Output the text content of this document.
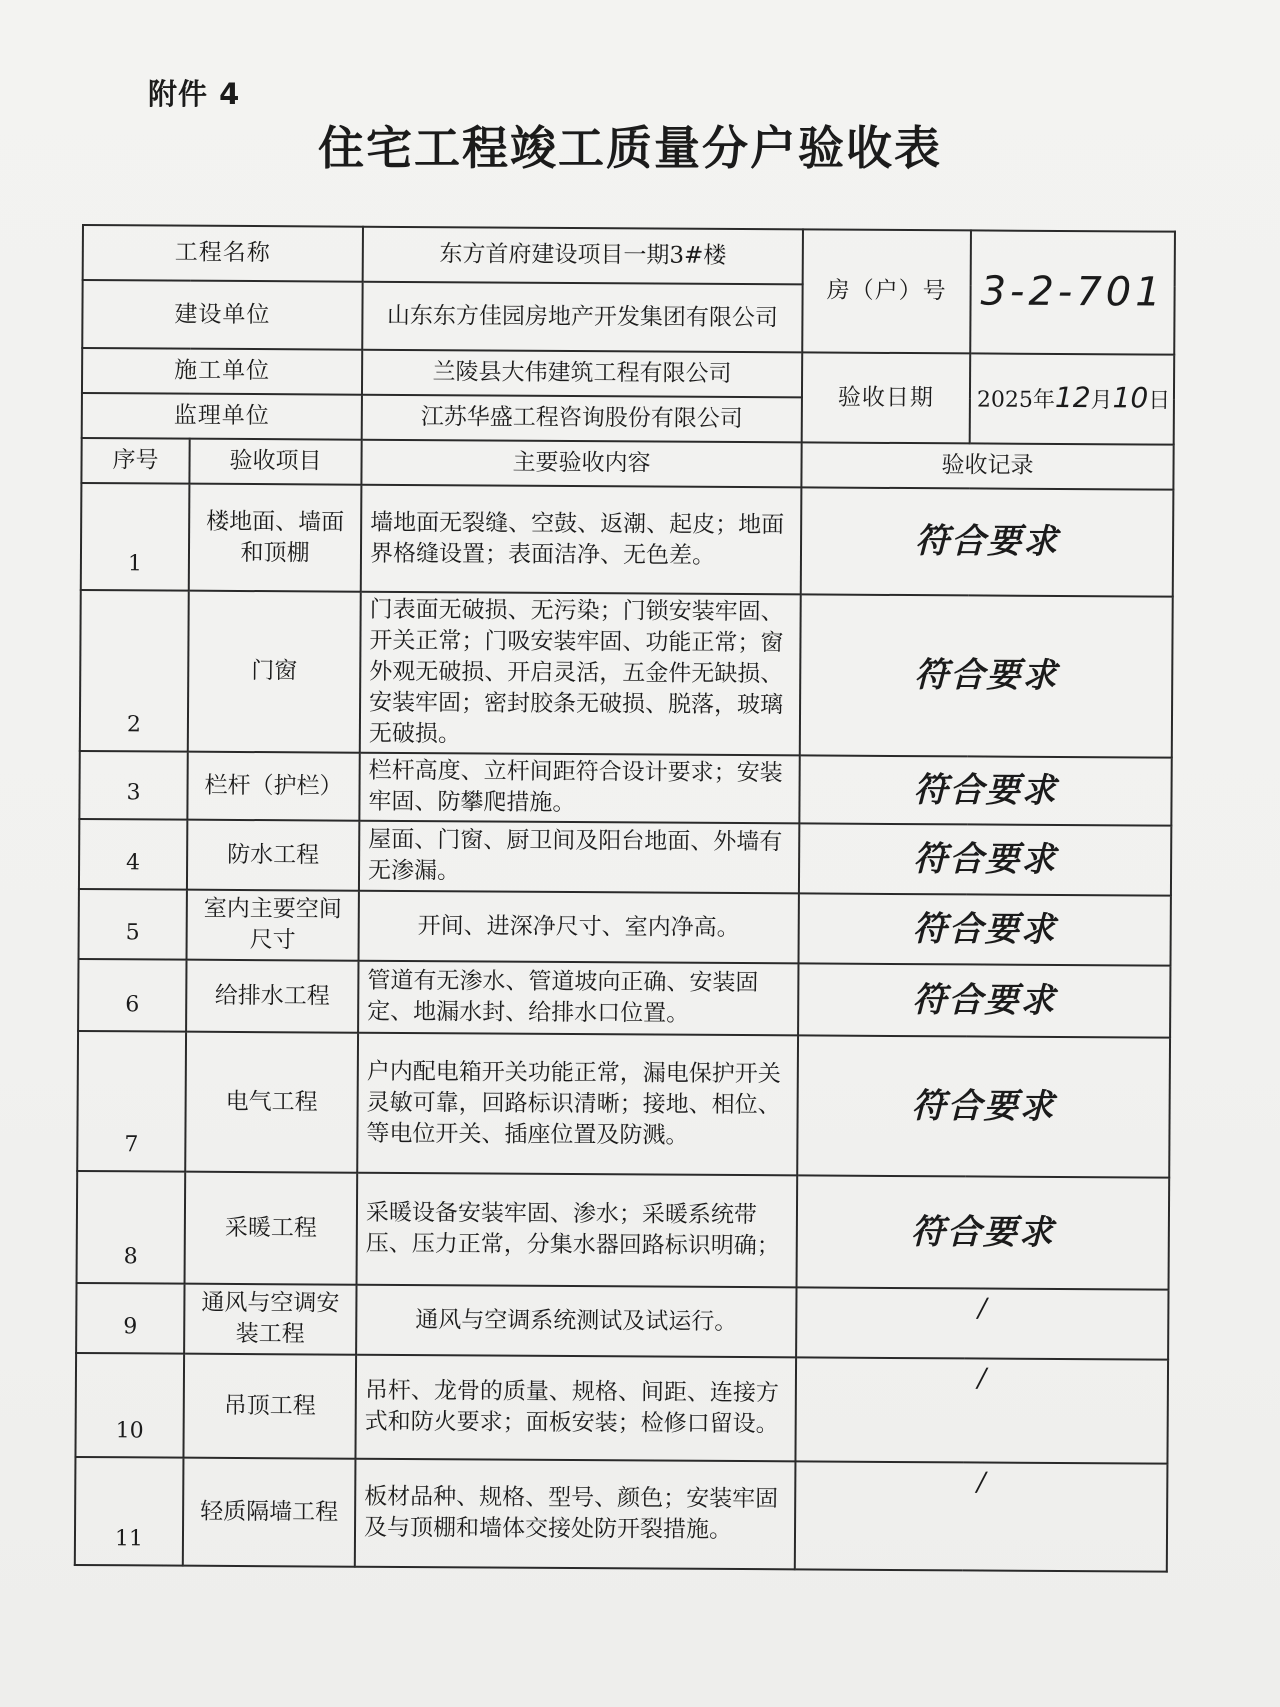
附件 4
住宅工程竣工质量分户验收表
工程名称		东方首府建设项目一期3#楼	房（户）号	3-2-701
建设单位		山东东方佳园房地产开发集团有限公司		
施工单位		兰陵县大伟建筑工程有限公司	验收日期	2025年12月10日
监理单位		江苏华盛工程咨询股份有限公司		
序号	验收项目	主要验收内容	验收记录	
1	楼地面、墙面和顶棚	墙地面无裂缝、空鼓、返潮、起皮；地面界格缝设置；表面洁净、无色差。	符合要求	
2	门窗	门表面无破损、无污染；门锁安装牢固、开关正常；门吸安装牢固、功能正常；窗外观无破损、开启灵活，五金件无缺损、 安装牢固；密封胶条无破损、脱落，玻璃无破损。	符合要求	
3	栏杆（护栏）	栏杆高度、立杆间距符合设计要求；安装牢固、防攀爬措施。	符合要求	
4	防水工程	屋面、门窗、厨卫间及阳台地面、外墙有无渗漏。	符合要求	
5	室内主要空间尺寸	开间、进深净尺寸、室内净高。	符合要求	
6	给排水工程	管道有无渗水、管道坡向正确、安装固定、地漏水封、给排水口位置。	符合要求	
7	电气工程	户内配电箱开关功能正常，漏电保护开关灵敏可靠，回路标识清晰；接地、相位、等电位开关、插座位置及防溅。	符合要求	
8	采暖工程	采暖设备安装牢固、渗水；采暖系统带压、压力正常，分集水器回路标识明确；	符合要求	
9	通风与空调安装工程	通风与空调系统测试及试运行。	/	
10	吊顶工程	吊杆、龙骨的质量、规格、间距、连接方式和防火要求；面板安装；检修口留设。	/	
11	轻质隔墙工程	板材品种、规格、型号、颜色；安装牢固及与顶棚和墙体交接处防开裂措施。	/	
